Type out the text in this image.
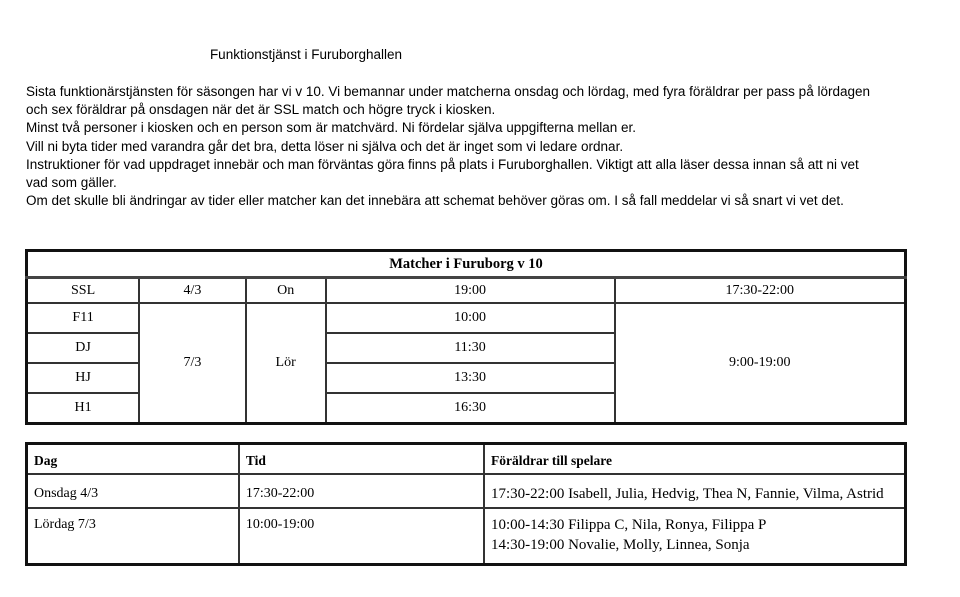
Funktionstjänst i Furuborghallen

Sista funktionärstjänsten för säsongen har vi v 10. Vi bemannar under matcherna onsdag och lördag, med fyra föräldrar per pass på lördagen

och sex föräldrar på onsdagen när det är SSL match och högre tryck i kiosken.

Minst två personer i kiosken och en person som är matchvärd. Ni fördelar själva uppgifterna mellan er.

Vill ni byta tider med varandra går det bra, detta löser ni själva och det är inget som vi ledare ordnar.

Instruktioner för vad uppdraget innebär och man förväntas göra finns på plats i Furuborghallen. Viktigt att alla läser dessa innan så att ni vet

vad som gäller.

Om det skulle bli ändringar av tider eller matcher kan det innebära att schemat behöver göras om. I så fall meddelar vi så snart vi vet det.

Matcher i Furuborg v 10				
SSL	4/3	On	19:00	17:30-22:00
F11	7/3	Lör	10:00	9:00-19:00
DJ			11:30	
HJ			13:30	
H1			16:30	
Dag	Tid	Föräldrar till spelare
Onsdag 4/3	17:30-22:00	17:30-22:00 Isabell, Julia, Hedvig, Thea N, Fannie, Vilma, Astrid
Lördag 7/3	10:00-19:00	10:00-14:30 Filippa C, Nila, Ronya, Filippa P
14:30-19:00 Novalie, Molly, Linnea, Sonja
